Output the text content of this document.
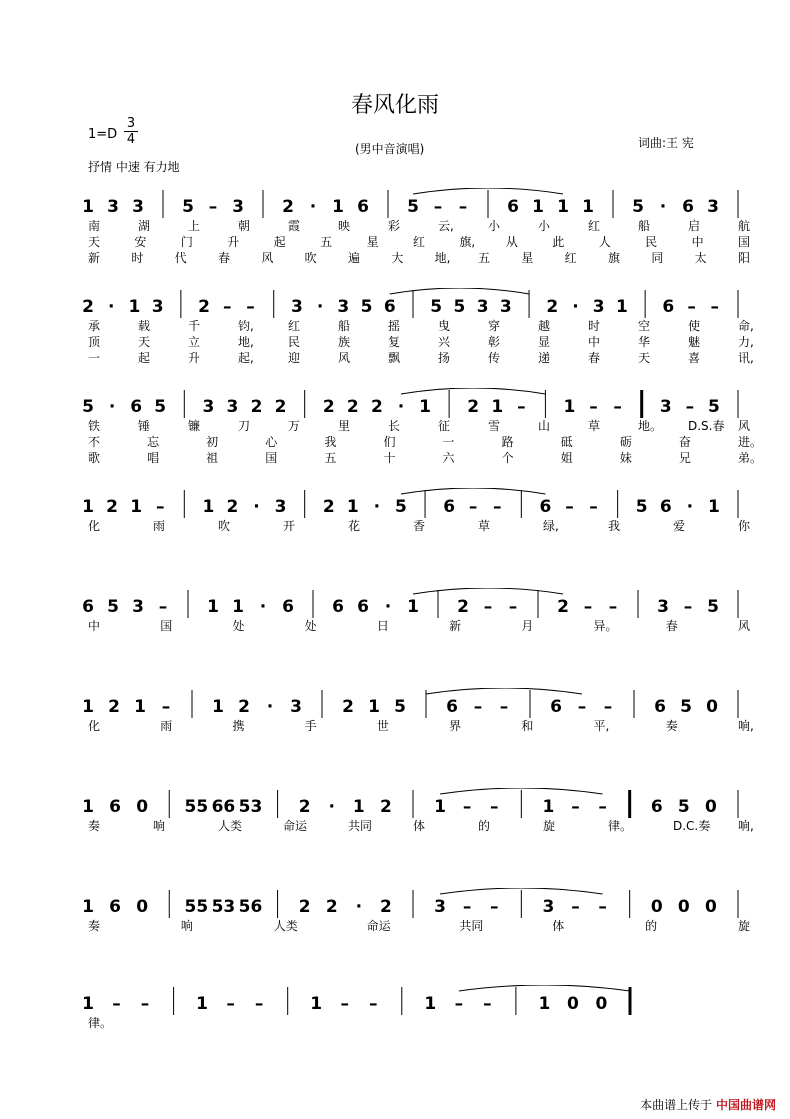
春风化雨
1=D
3
4
(男中音演唱)	词曲:王 宪
抒情 中速 有力地
1 3 3 5 – 3 2 · 1 6 5 – – 6 1 1 1 5 · 6 3
南	湖	上	朝	霞	映	彩	云,	小	小	红	船	启	航
天	安	门	升	起	五	星	红	旗,	从	此	人	民	中	国
新	时	代	春	风	吹	遍	大	地, 五	星	红	旗	同	太	阳
2 · 1 3 2 – – 3 · 3 5 6 5 5 3 3 2 · 3 1 6 – –
承	载	千	钧,	红	船	摇	曳	穿	越	时	空	使	命,
顶	天	立	地,	民	族	复	兴	彰	显	中	华	魅	力,
一	起	升	起,	迎	风	飘	扬	传	递	春	天	喜	讯,
5 · 6 5 3 3 2 2 2 2 2 · 1 2 1 – 1 – – 3 – 5
铁	锤	镰	刀	万	里	长	征	雪	山	草	地。 D.S.春 风
不	忘	初	心	我	们	一	路	砥	砺	奋	进。
歌	唱	祖	国	五	十	六	个	姐	妹	兄	弟。
1 2 1 – 1 2 · 3 2 1 · 5 6 – – 6 – – 5 6 · 1
化	雨	吹	开	花	香	草	绿,	我	爱	你
6 5 3 – 1 1 · 6 6 6 · 1 2 – – 2 – – 3 – 5
中	国	处	处	日	新	月	异。	春	风
1 2 1 – 1 2 · 3 2 1 5 6 – – 6 – – 6 5 0
化	雨	携	手	世	界	和	平,	奏	响,
1 6 0 55 66 53 2 · 1 2 1 – –	1 – –	6 5 0
奏	响	人类	命运	共同	体	的	旋	律。	D.C.奏 响,
1 6 0 55 53 56 2 2 · 2 3 – –	3 – –	0 0 0
奏	响	人类	命运	共同	体	的	旋
1 – –	1 – –	1 – –	1 – –	1 0 0
律。
本曲谱上传于 中国曲谱网
